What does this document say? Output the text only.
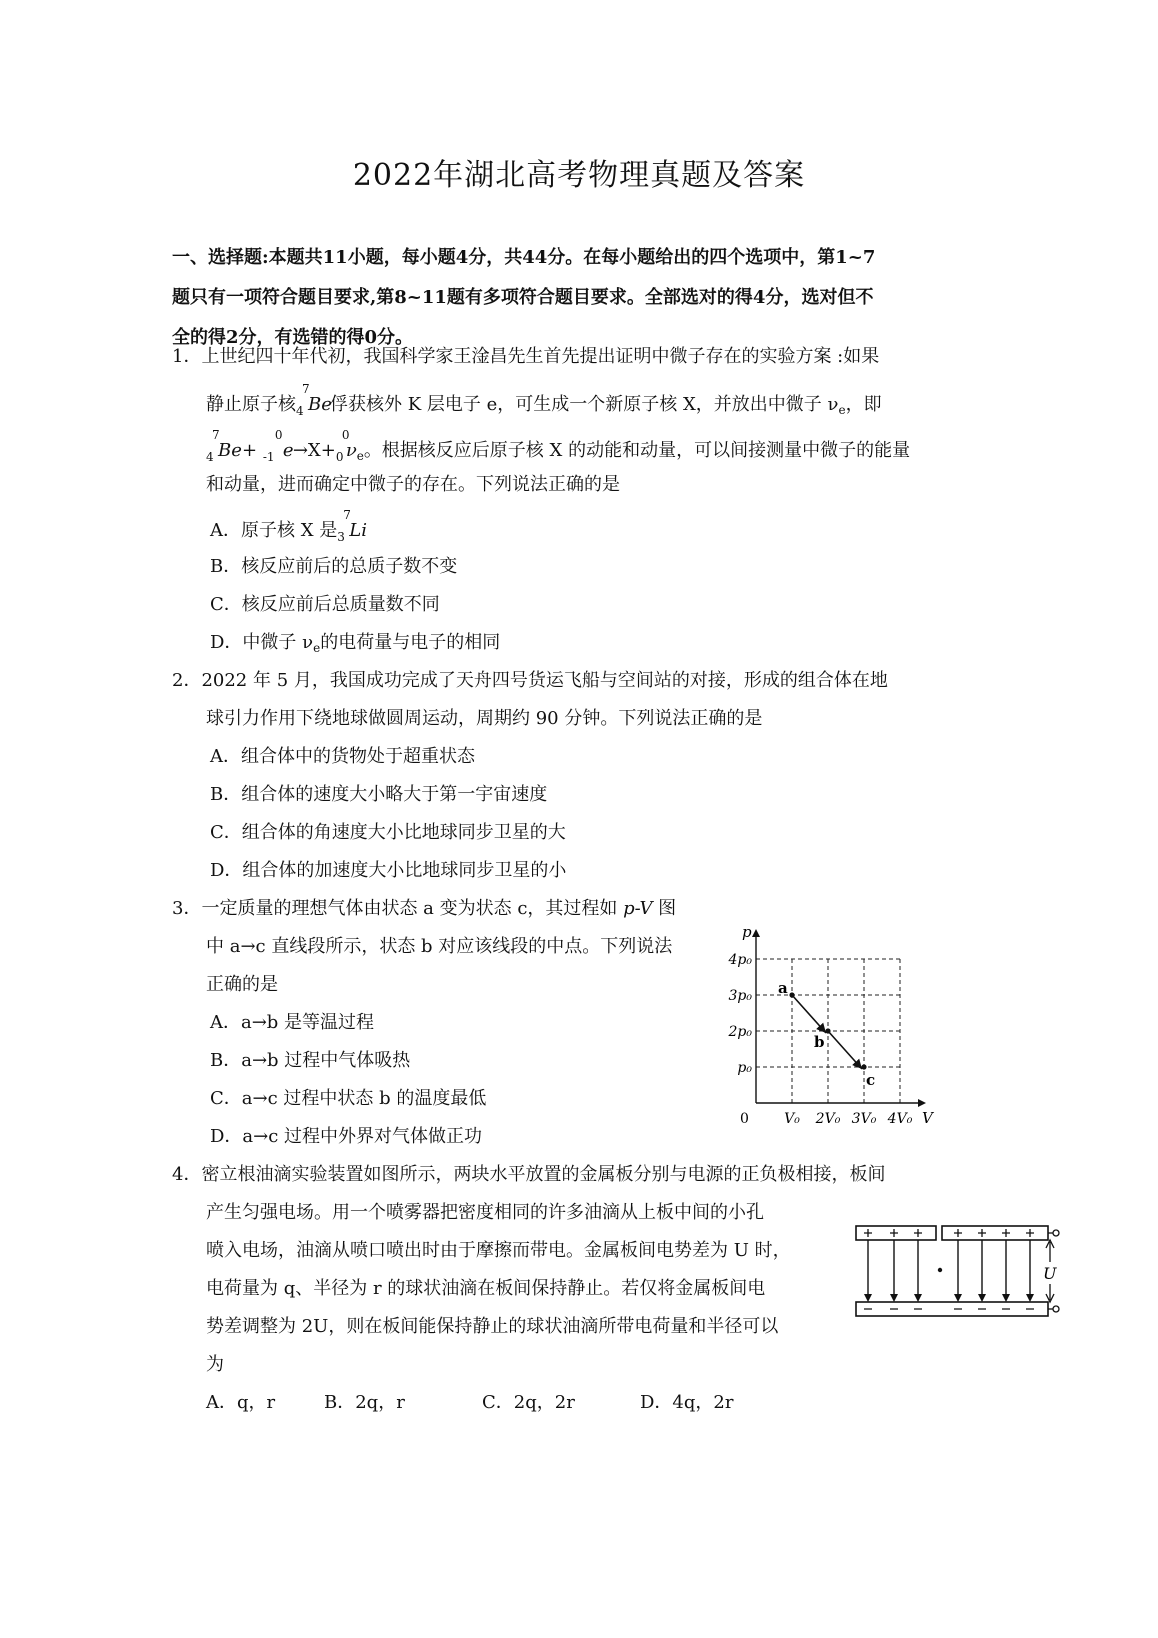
2022年湖北高考物理真题及答案
一、选择题:本题共11小题，每小题4分，共44分。在每小题给出的四个选项中，第1~7
题只有一项符合题目要求,第8~11题有多项符合题目要求。全部选对的得4分，选对但不
全的得2分，有选错的得0分。
1．上世纪四十年代初，我国科学家王淦昌先生首先提出证明中微子存在的实验方案 :如果
静止原子核
7
4 Be俘获核外 K 层电子 e，可生成一个新原子核 X，并放出中微子 $\nu_e$，即
7
4 Be+
0
-1 e→X+
0
0 $\nu_e$。根据核反应后原子核 X 的动能和动量，可以间接测量中微子的能量
和动量，进而确定中微子的存在。下列说法正确的是
A．原子核 X 是
7
3 Li
B．核反应前后的总质子数不变
C．核反应前后总质量数不同
D．中微子 $\nu_e$的电荷量与电子的相同
2．2022 年 5 月，我国成功完成了天舟四号货运飞船与空间站的对接，形成的组合体在地
球引力作用下绕地球做圆周运动，周期约 90 分钟。下列说法正确的是
A．组合体中的货物处于超重状态
B．组合体的速度大小略大于第一宇宙速度
C．组合体的角速度大小比地球同步卫星的大
D．组合体的加速度大小比地球同步卫星的小
3．一定质量的理想气体由状态 a 变为状态 c，其过程如 p-V 图
中 a→c 直线段所示，状态 b 对应该线段的中点。下列说法
正确的是
A．a→b 是等温过程
B．a→b 过程中气体吸热
C．a→c 过程中状态 b 的温度最低
D．a→c 过程中外界对气体做正功
V
p
0	V₀ 2V₀ 3V₀ 4V₀
p₀
2p₀
3p₀
4p₀
a
b
c
4．密立根油滴实验装置如图所示，两块水平放置的金属板分别与电源的正负极相接，板间
产生匀强电场。用一个喷雾器把密度相同的许多油滴从上板中间的小孔
喷入电场，油滴从喷口喷出时由于摩擦而带电。金属板间电势差为 U 时，
电荷量为 q、半径为 r 的球状油滴在板间保持静止。若仅将金属板间电
势差调整为 2U，则在板间能保持静止的球状油滴所带电荷量和半径可以
为
A．q，r	B．2q，r	C．2q，2r	D．4q，2r
U
